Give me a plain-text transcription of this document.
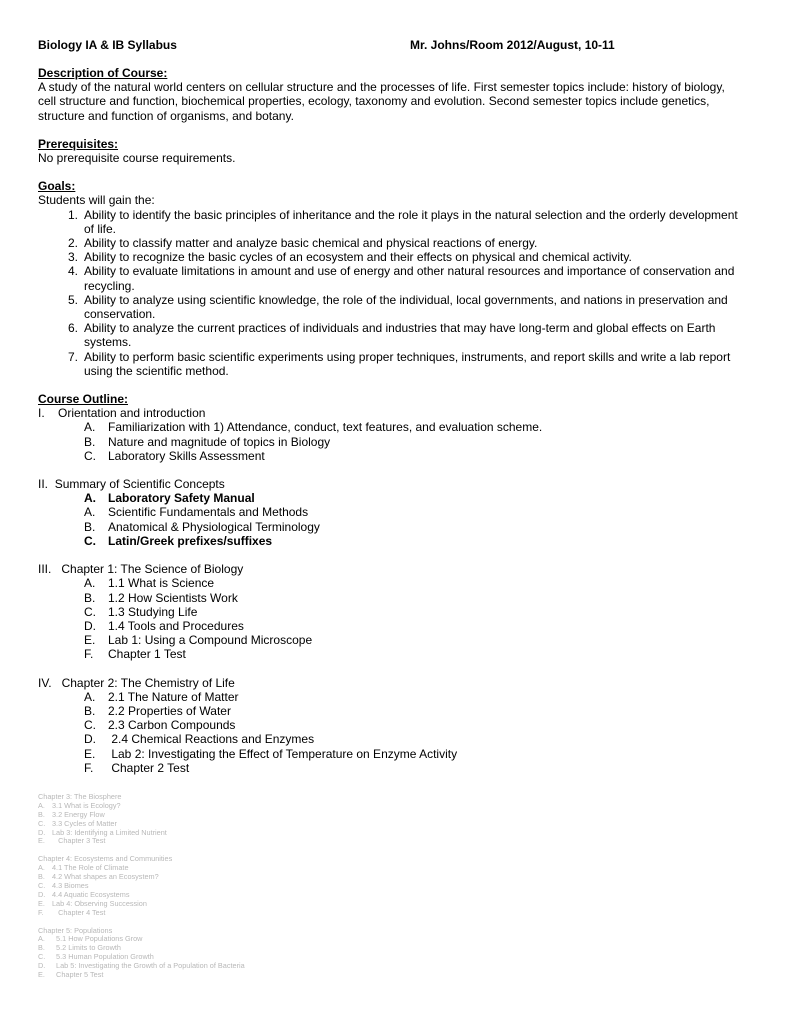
Biology IA & IB Syllabus	Mr. Johns/Room 2012/August, 10-11
Description of Course:
A study of the natural world centers on cellular structure and the processes of life. First semester topics include: history of biology,
cell structure and function, biochemical properties, ecology, taxonomy and evolution. Second semester topics include genetics,
structure and function of organisms, and botany.
Prerequisites:
No prerequisite course requirements.
Goals:
Students will gain the:
1. Ability to identify the basic principles of inheritance and the role it plays in the natural selection and the orderly development
of life.
2. Ability to classify matter and analyze basic chemical and physical reactions of energy.
3. Ability to recognize the basic cycles of an ecosystem and their effects on physical and chemical activity.
4. Ability to evaluate limitations in amount and use of energy and other natural resources and importance of conservation and
recycling.
5. Ability to analyze using scientific knowledge, the role of the individual, local governments, and nations in preservation and
conservation.
6. Ability to analyze the current practices of individuals and industries that may have long-term and global effects on Earth
systems.
7. Ability to perform basic scientific experiments using proper techniques, instruments, and report skills and write a lab report
using the scientific method.
Course Outline:
I.
Orientation and introduction
A.	Familiarization with 1) Attendance, conduct, text features, and evaluation scheme.
B.	Nature and magnitude of topics in Biology
C.	Laboratory Skills Assessment
II.
Summary of Scientific Concepts
A.	Laboratory Safety Manual
A.	Scientific Fundamentals and Methods
B.	Anatomical & Physiological Terminology
C.	Latin/Greek prefixes/suffixes
III.
Chapter 1: The Science of Biology
A.	1.1 What is Science
B.	1.2 How Scientists Work
C.	1.3 Studying Life
D.	1.4 Tools and Procedures
E.	Lab 1: Using a Compound Microscope
F.	Chapter 1 Test
IV.
Chapter 2: The Chemistry of Life
A.	2.1 The Nature of Matter
B.	2.2 Properties of Water
C.	2.3 Carbon Compounds
D.	2.4 Chemical Reactions and Enzymes
E.	Lab 2: Investigating the Effect of Temperature on Enzyme Activity
F.	Chapter 2 Test
Chapter 3: The Biosphere
A. 3.1 What is Ecology?
B. 3.2 Energy Flow
C. 3.3 Cycles of Matter
D. Lab 3: Identifying a Limited Nutrient
E. Chapter 3 Test
Chapter 4: Ecosystems and Communities
A. 4.1 The Role of Climate
B. 4.2 What shapes an Ecosystem?
C. 4.3 Biomes
D. 4.4 Aquatic Ecosystems
E. Lab 4: Observing Succession
F.	Chapter 4 Test
Chapter 5: Populations
A. 5.1 How Populations Grow
B. 5.2 Limits to Growth
C. 5.3 Human Population Growth
D. Lab 5: Investigating the Growth of a Population of Bacteria
E. Chapter 5 Test
